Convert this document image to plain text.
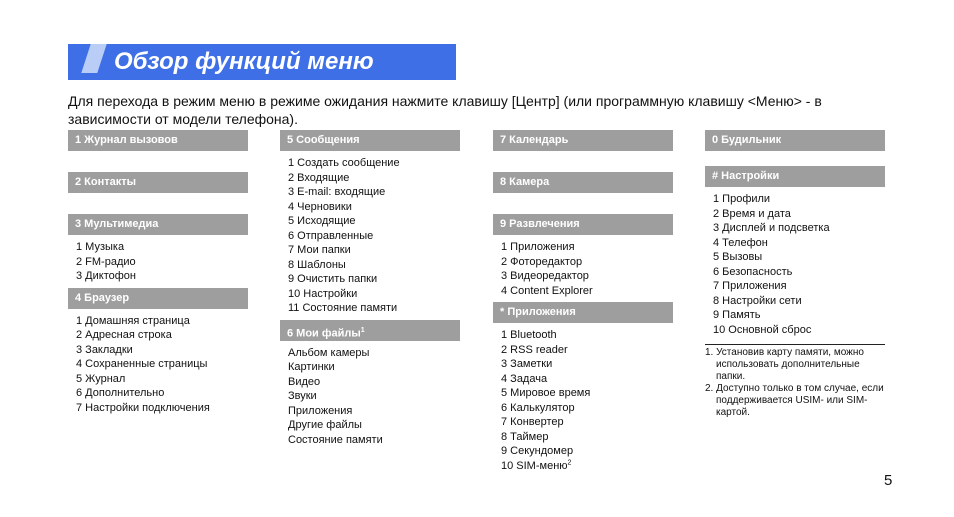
Обзор функций меню
Для перехода в режим меню в режиме ожидания нажмите клавишу [Центр] (или программную клавишу <Меню> - в зависимости от модели телефона).
1 Журнал вызовов
2 Контакты
3 Мультимедиа
1 Музыка
2 FM-радио
3 Диктофон
4 Браузер
1 Домашняя страница
2 Адресная строка
3 Закладки
4 Сохраненные страницы
5 Журнал
6 Дополнительно
7 Настройки подключения
5 Сообщения
1 Создать сообщение
2 Входящие
3 E-mail: входящие
4 Черновики
5 Исходящие
6 Отправленные
7 Мои папки
8 Шаблоны
9 Очистить папки
10 Настройки
11 Состояние памяти
6 Мои файлы$^1$
Альбом камеры
Картинки
Видео
Звуки
Приложения
Другие файлы
Состояние памяти
7 Календарь
8 Камера
9 Развлечения
1 Приложения
2 Фоторедактор
3 Видеоредактор
4 Content Explorer
* Приложения
1 Bluetooth
2 RSS reader
3 Заметки
4 Задача
5 Мировое время
6 Калькулятор
7 Конвертер
8 Таймер
9 Секундомер
10 SIM-меню$^2$
0 Будильник
# Настройки
1 Профили
2 Время и дата
3 Дисплей и подсветка
4 Телефон
5 Вызовы
6 Безопасность
7 Приложения
8 Настройки сети
9 Память
10 Основной сброс
1. Установив карту памяти, можно использовать дополнительные папки.
2. Доступно только в том случае, если поддерживается USIM- или SIM-картой.
5
